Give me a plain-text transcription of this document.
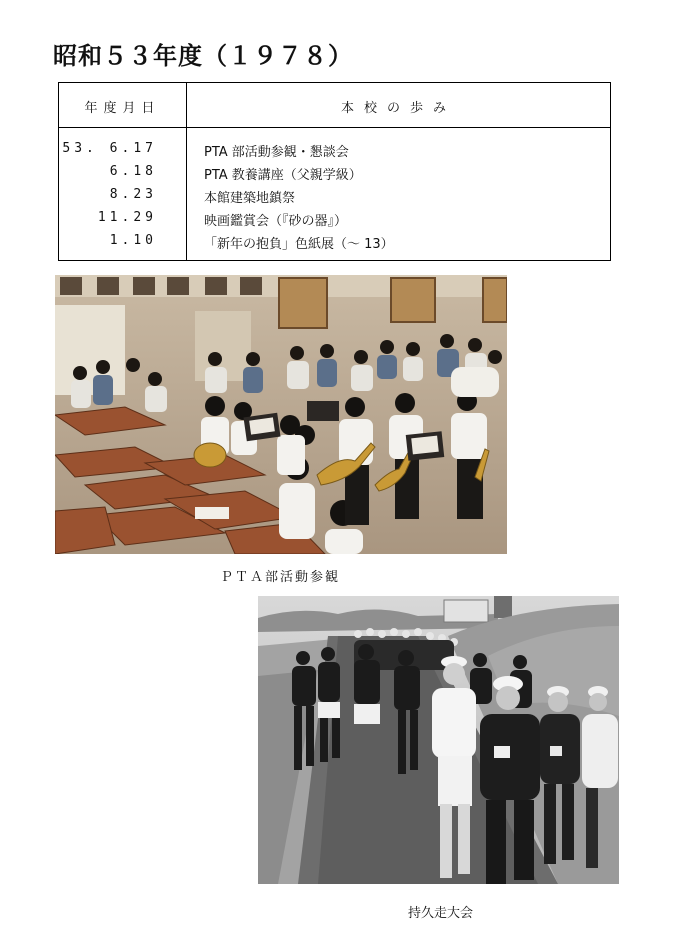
昭和５３年度（１９７８）
年度月日	本校の歩み
53. 6.17	PTA 部活動参観・懇談会
6.18	PTA 教養講座（父親学級）
8.23	本館建築地鎮祭
11.29	映画鑑賞会（『砂の器』）
1.10	「新年の抱負」色紙展（～ 13）
ＰＴＡ部活動参観
持久走大会
